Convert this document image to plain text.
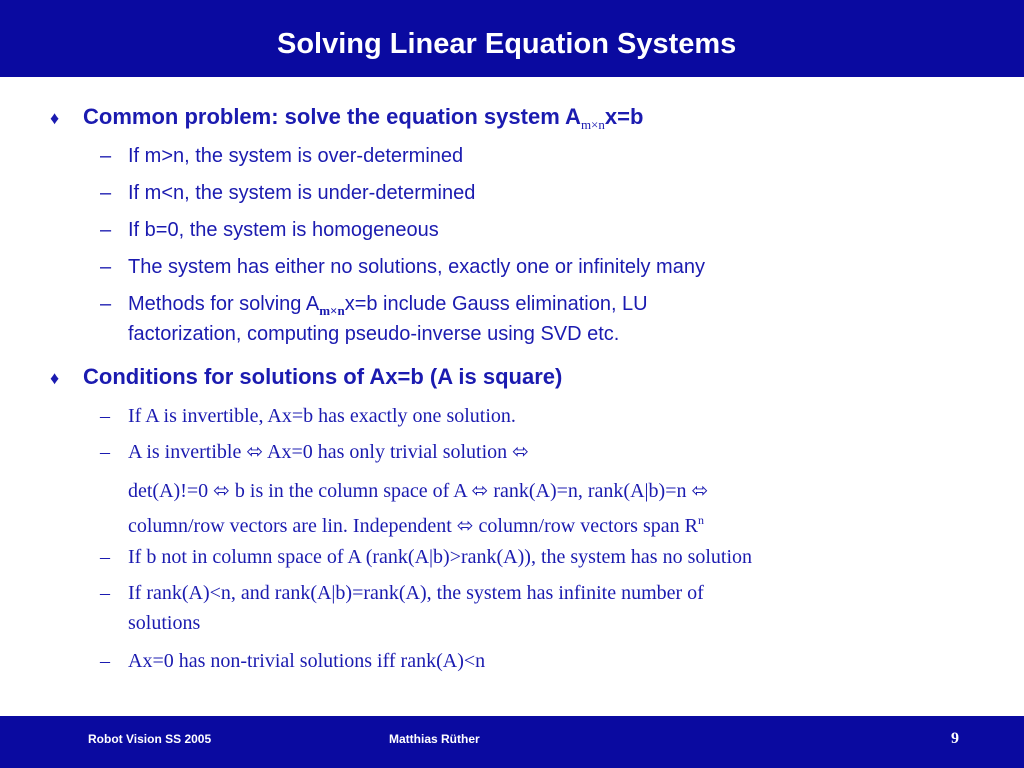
Solving Linear Equation Systems
♦ Common problem: solve the equation system $A_{m\times n}x=b$
– If m>n, the system is over-determined
– If m<n, the system is under-determined
– If b=0, the system is homogeneous
– The system has either no solutions, exactly one or infinitely many
– Methods for solving $A_{m\times n}x=b$ include Gauss elimination, LU
factorization, computing pseudo-inverse using SVD etc.
♦ Conditions for solutions of Ax=b (A is square)
– If A is invertible, Ax=b has exactly one solution.
– A is invertible ⬄ Ax=0 has only trivial solution ⬄
det(A)!=0 ⬄ b is in the column space of A ⬄ rank(A)=n, rank(A|b)=n ⬄
column/row vectors are lin. Independent ⬄ column/row vectors span $R^n$
– If b not in column space of A (rank(A|b)>rank(A)), the system has no solution
– If rank(A)<n, and rank(A|b)=rank(A), the system has infinite number of
solutions
– Ax=0 has non-trivial solutions iff rank(A)<n
Robot Vision SS 2005	Matthias Rüther	9
